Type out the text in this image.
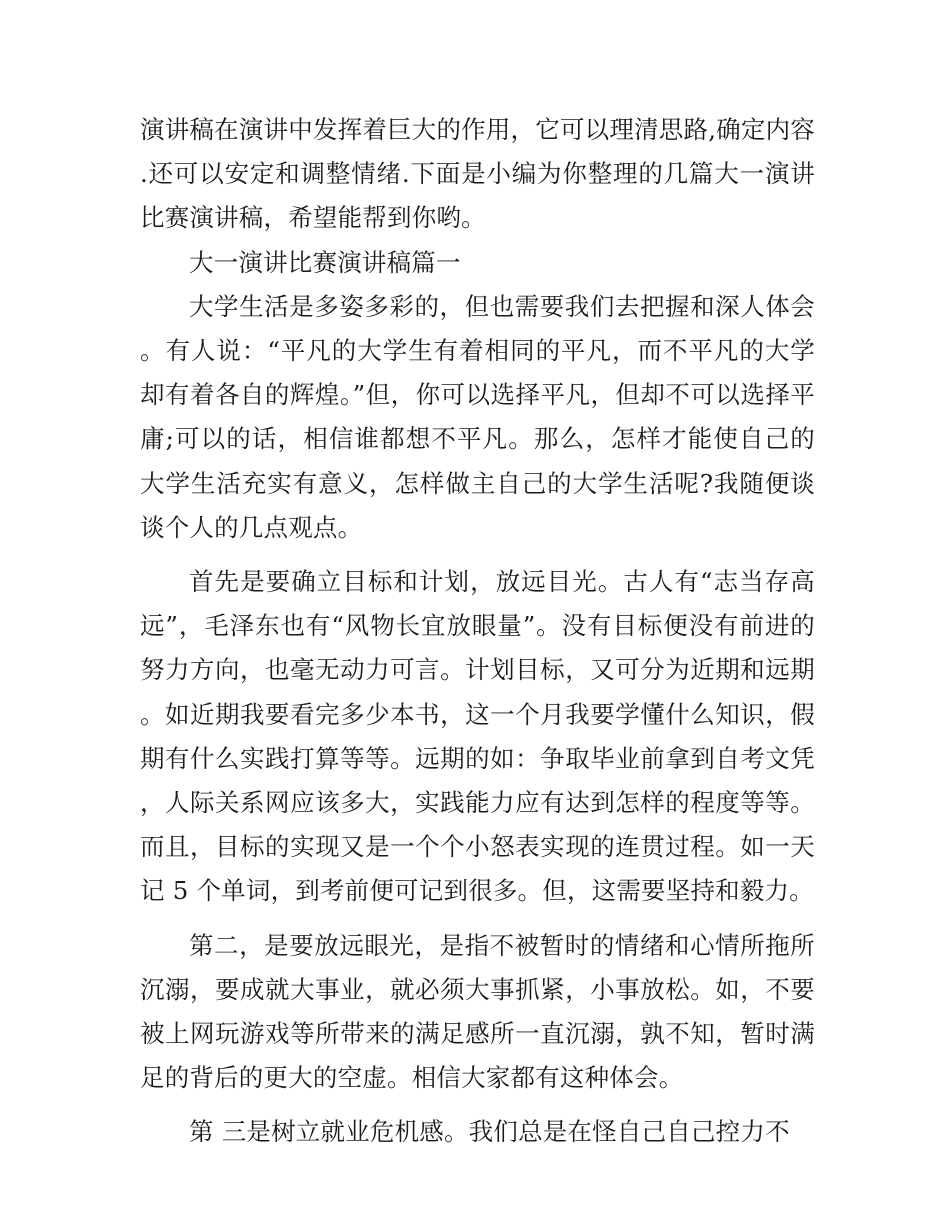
演讲稿在演讲中发挥着巨大的作用，它可以理清思路,确定内容.还可以安定和调整情绪.下面是小编为你整理的几篇大一演讲比赛演讲稿，希望能帮到你哟。

大一演讲比赛演讲稿篇一

大学生活是多姿多彩的，但也需要我们去把握和深人体会。有人说：“平凡的大学生有着相同的平凡，而不平凡的大学却有着各自的辉煌。”但，你可以选择平凡，但却不可以选择平庸;可以的话，相信谁都想不平凡。那么，怎样才能使自己的大学生活充实有意义，怎样做主自己的大学生活呢?我随便谈谈个人的几点观点。

首先是要确立目标和计划，放远目光。古人有“志当存高远”，毛泽东也有“风物长宜放眼量”。没有目标便没有前进的努力方向，也毫无动力可言。计划目标，又可分为近期和远期。如近期我要看完多少本书，这一个月我要学懂什么知识，假期有什么实践打算等等。远期的如：争取毕业前拿到自考文凭，人际关系网应该多大，实践能力应有达到怎样的程度等等。而且，目标的实现又是一个个小怒表实现的连贯过程。如一天记 5 个单词，到考前便可记到很多。但，这需要坚持和毅力。

第二，是要放远眼光，是指不被暂时的情绪和心情所拖所沉溺，要成就大事业，就必须大事抓紧，小事放松。如，不要被上网玩游戏等所带来的满足感所一直沉溺，孰不知，暂时满足的背后的更大的空虚。相信大家都有这种体会。

第 三是树立就业危机感。我们总是在怪自己自己控力不
